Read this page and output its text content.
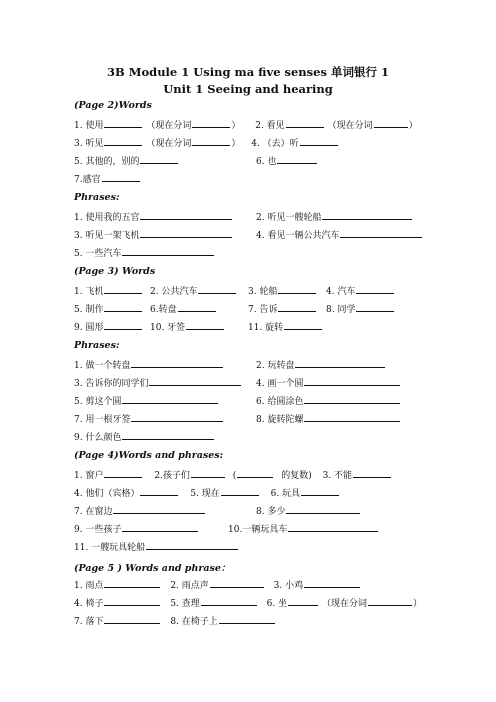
3B Module 1 Using ma five senses 单词银行 1
Unit 1 Seeing and hearing
(Page 2)Words
1. 使用	（现在分词	） 2. 看见	（现在分词	）
3. 听见	（现在分词	） 4. （去）听
5. 其他的，别的	6. 也
7.感官
Phrases:
1. 使用我的五官	2. 听见一艘轮船
3. 听见一架飞机	4. 看见一辆公共汽车
5. 一些汽车
(Page 3) Words
1. 飞机	2. 公共汽车	3. 轮船	4. 汽车
5. 制作	6.转盘	7. 告诉	8. 同学
9. 圆形	10. 牙签	11. 旋转
Phrases:
1. 做一个转盘	2. 玩转盘
3. 告诉你的同学们	4. 画一个圆
5. 剪这个圆	6. 给圆涂色
7. 用一根牙签	8. 旋转陀螺
9. 什么颜色
(Page 4)Words and phrases:
1. 窗户	2.孩子们	(	的复数) 3. 不能
4. 他们（宾格）	5. 现在	6. 玩具
7. 在窗边	8. 多少
9. 一些孩子	10.一辆玩具车
11. 一艘玩具轮船
(Page 5 ) Words and phrase：
1. 雨点	2. 雨点声	3. 小鸡
4. 椅子	5. 查理	6. 坐	（现在分词	）
7. 落下	8. 在椅子上
